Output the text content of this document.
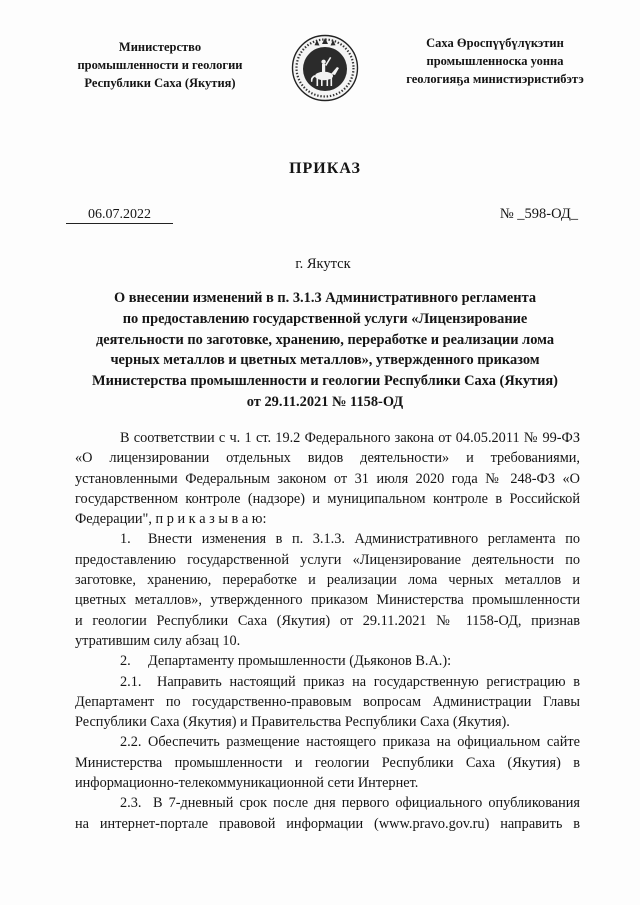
Министерство
промышленности и геологии
Республики Саха (Якутия)
Саха Өроспүүбүлүкэтин
промышленноска уонна
геологияҕа министиэристибэтэ
ПРИКАЗ
06.07.2022	№ _598-ОД_
г. Якутск
О внесении изменений в п. 3.1.3 Административного регламента
по предоставлению государственной услуги «Лицензирование
деятельности по заготовке, хранению, переработке и реализации лома
черных металлов и цветных металлов», утвержденного приказом
Министерства промышленности и геологии Республики Саха (Якутия)
от 29.11.2021 № 1158-ОД
В соответствии с ч. 1 ст. 19.2 Федерального закона от 04.05.2011 № 99-ФЗ
«О лицензировании отдельных видов деятельности» и требованиями,
установленными Федеральным законом от 31 июля 2020 года № 248-ФЗ «О
государственном контроле (надзоре) и муниципальном контроле в Российской
Федерации", п р и к а з ы в а ю:
1. Внести изменения в п. 3.1.3. Административного регламента по
предоставлению государственной услуги «Лицензирование деятельности по
заготовке, хранению, переработке и реализации лома черных металлов и
цветных металлов», утвержденного приказом Министерства промышленности
и геологии Республики Саха (Якутия) от 29.11.2021 № 1158-ОД, признав
утратившим силу абзац 10.
2. Департаменту промышленности (Дьяконов В.А.):
2.1. Направить настоящий приказ на государственную регистрацию в
Департамент по государственно-правовым вопросам Администрации Главы
Республики Саха (Якутия) и Правительства Республики Саха (Якутия).
2.2. Обеспечить размещение настоящего приказа на официальном сайте
Министерства промышленности и геологии Республики Саха (Якутия) в
информационно-телекоммуникационной сети Интернет.
2.3. В 7-дневный срок после дня первого официального опубликования
на интернет-портале правовой информации (www.pravo.gov.ru) направить в
